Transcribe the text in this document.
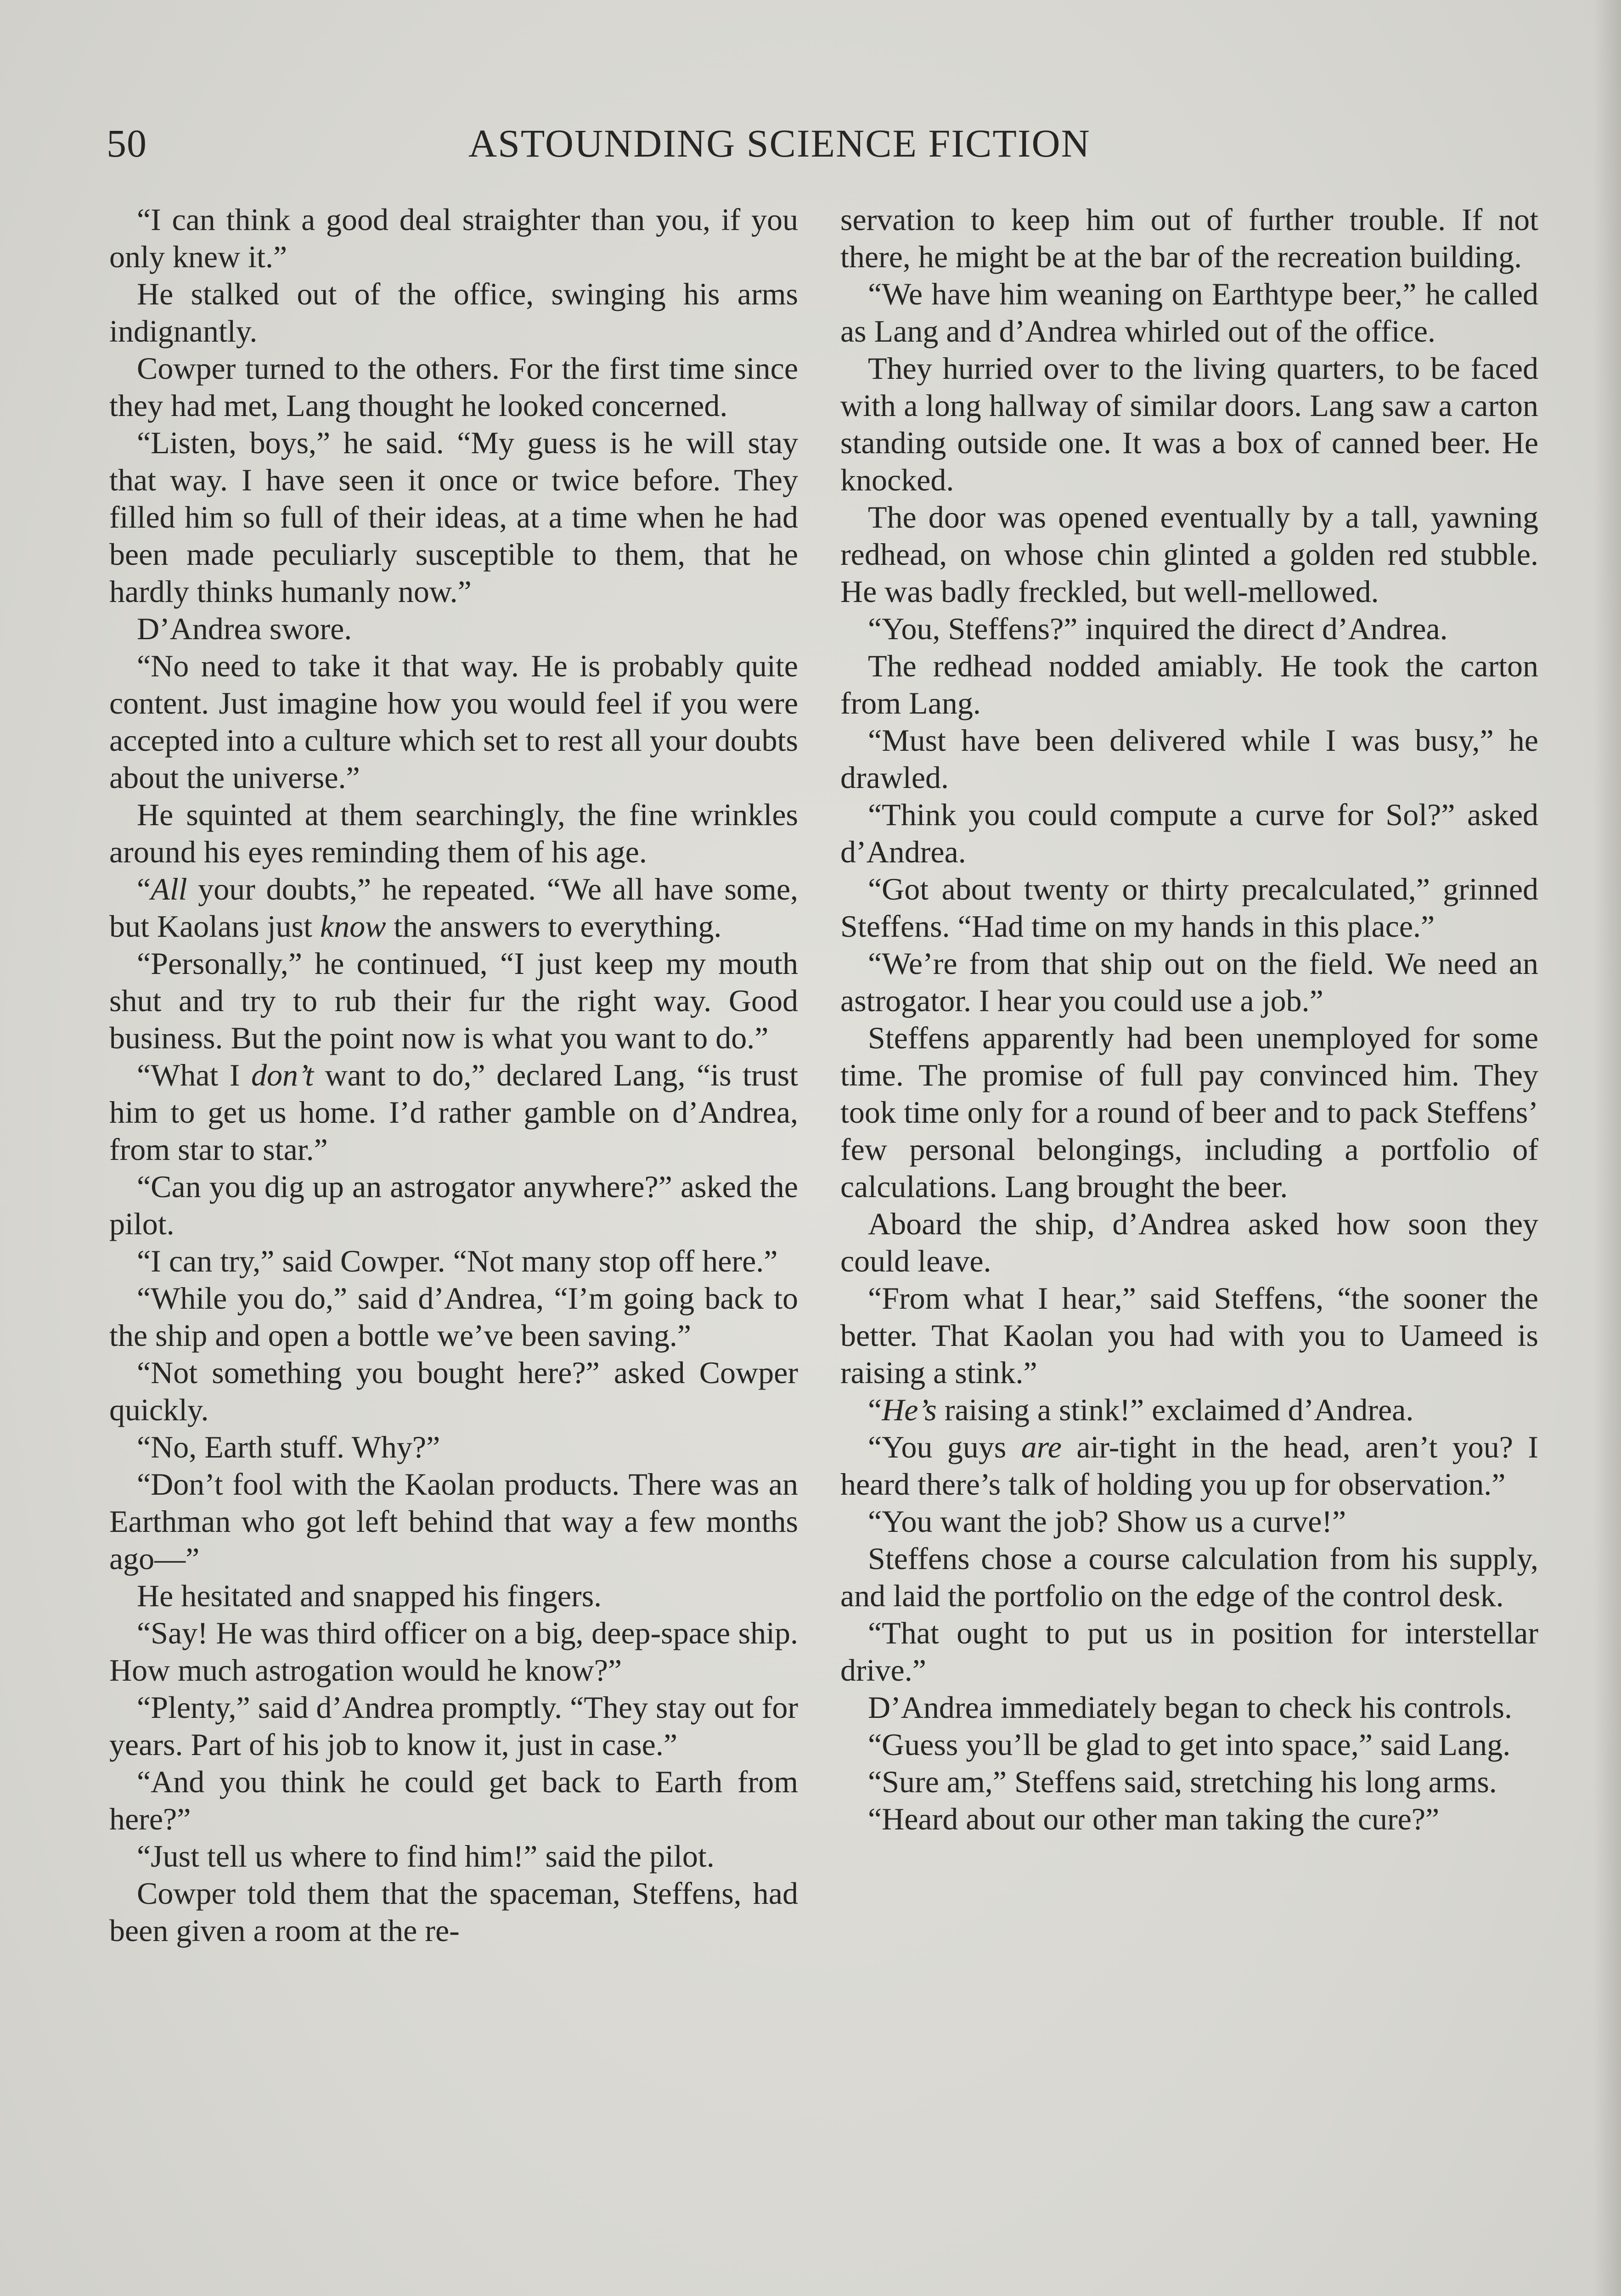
50	ASTOUNDING SCIENCE FICTION

“I can think a good deal straighter than you, if you only knew it.”

He stalked out of the office, swinging his arms indignantly.

Cowper turned to the others. For the first time since they had met, Lang thought he looked concerned.

“Listen, boys,” he said. “My guess is he will stay that way. I have seen it once or twice before. They filled him so full of their ideas, at a time when he had been made peculiarly susceptible to them, that he hardly thinks humanly now.”

D’Andrea swore.

“No need to take it that way. He is probably quite content. Just imagine how you would feel if you were accepted into a culture which set to rest all your doubts about the universe.”

He squinted at them searchingly, the fine wrinkles around his eyes reminding them of his age.

“All your doubts,” he repeated. “We all have some, but Kaolans just know the answers to everything.

“Personally,” he continued, “I just keep my mouth shut and try to rub their fur the right way. Good business. But the point now is what you want to do.”

“What I don’t want to do,” declared Lang, “is trust him to get us home. I’d rather gamble on d’Andrea, from star to star.”

“Can you dig up an astrogator anywhere?” asked the pilot.

“I can try,” said Cowper. “Not many stop off here.”

“While you do,” said d’Andrea, “I’m going back to the ship and open a bottle we’ve been saving.”

“Not something you bought here?” asked Cowper quickly.

“No, Earth stuff. Why?”

“Don’t fool with the Kaolan products. There was an Earthman who got left behind that way a few months ago—”

He hesitated and snapped his fingers.

“Say! He was third officer on a big, deep-space ship. How much astrogation would he know?”

“Plenty,” said d’Andrea promptly. “They stay out for years. Part of his job to know it, just in case.”

“And you think he could get back to Earth from here?”

“Just tell us where to find him!” said the pilot.

Cowper told them that the spaceman, Steffens, had been given a room at the re-

servation to keep him out of further trouble. If not there, he might be at the bar of the recreation building.

“We have him weaning on Earthtype beer,” he called as Lang and d’Andrea whirled out of the office.

They hurried over to the living quarters, to be faced with a long hallway of similar doors. Lang saw a carton standing outside one. It was a box of canned beer. He knocked.

The door was opened eventually by a tall, yawning redhead, on whose chin glinted a golden red stubble. He was badly freckled, but well-mellowed.

“You, Steffens?” inquired the direct d’Andrea.

The redhead nodded amiably. He took the carton from Lang.

“Must have been delivered while I was busy,” he drawled.

“Think you could compute a curve for Sol?” asked d’Andrea.

“Got about twenty or thirty precalculated,” grinned Steffens. “Had time on my hands in this place.”

“We’re from that ship out on the field. We need an astrogator. I hear you could use a job.”

Steffens apparently had been unemployed for some time. The promise of full pay convinced him. They took time only for a round of beer and to pack Steffens’ few personal belongings, including a portfolio of calculations. Lang brought the beer.

Aboard the ship, d’Andrea asked how soon they could leave.

“From what I hear,” said Steffens, “the sooner the better. That Kaolan you had with you to Uameed is raising a stink.”

“He’s raising a stink!” exclaimed d’Andrea.

“You guys are air-tight in the head, aren’t you? I heard there’s talk of holding you up for observation.”

“You want the job? Show us a curve!”

Steffens chose a course calculation from his supply, and laid the portfolio on the edge of the control desk.

“That ought to put us in position for interstellar drive.”

D’Andrea immediately began to check his controls.

“Guess you’ll be glad to get into space,” said Lang.

“Sure am,” Steffens said, stretching his long arms.

“Heard about our other man taking the cure?”
